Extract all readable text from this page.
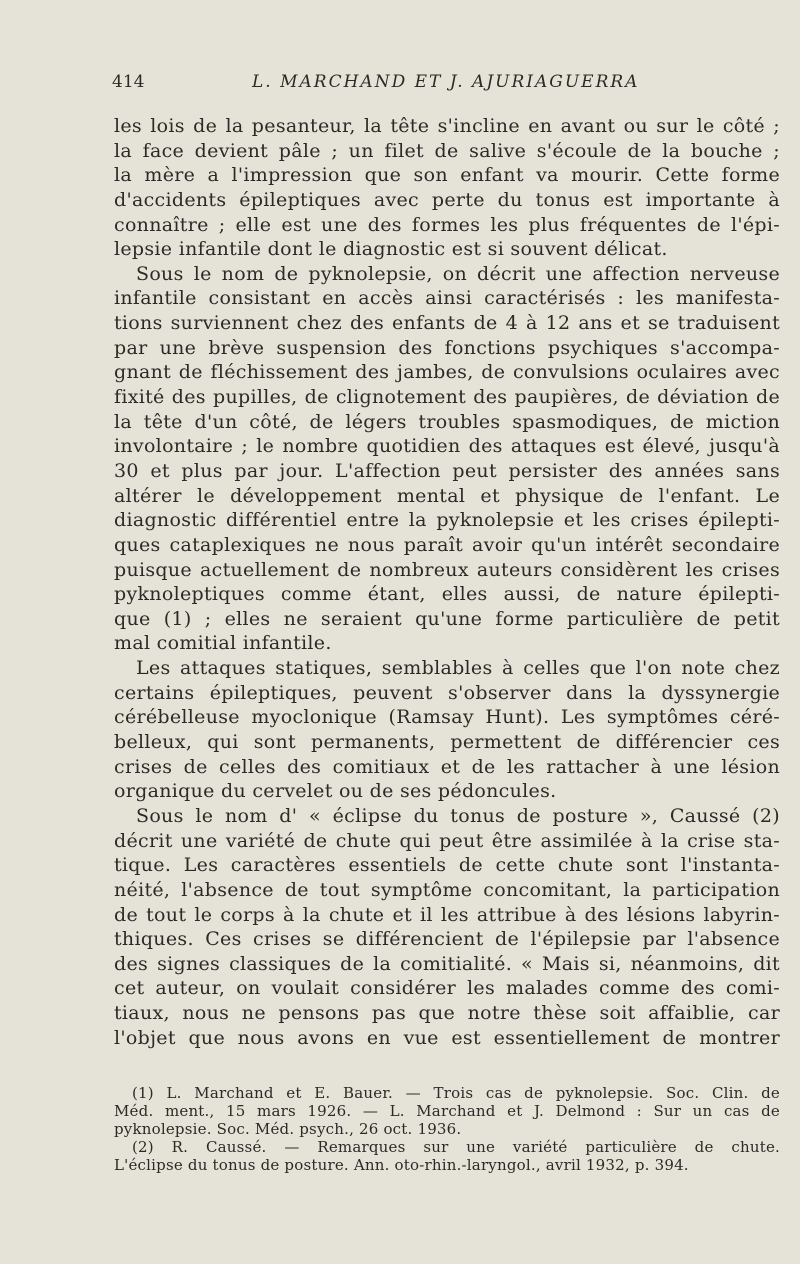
414	L. MARCHAND ET J. AJURIAGUERRA
les lois de la pesanteur, la tête s'incline en avant ou sur le côté ;
la face devient pâle ; un filet de salive s'écoule de la bouche ;
la mère a l'impression que son enfant va mourir. Cette forme
d'accidents épileptiques avec perte du tonus est importante à
connaître ; elle est une des formes les plus fréquentes de l'épi-
lepsie infantile dont le diagnostic est si souvent délicat.
Sous le nom de pyknolepsie, on décrit une affection nerveuse
infantile consistant en accès ainsi caractérisés : les manifesta-
tions surviennent chez des enfants de 4 à 12 ans et se traduisent
par une brève suspension des fonctions psychiques s'accompa-
gnant de fléchissement des jambes, de convulsions oculaires avec
fixité des pupilles, de clignotement des paupières, de déviation de
la tête d'un côté, de légers troubles spasmodiques, de miction
involontaire ; le nombre quotidien des attaques est élevé, jusqu'à
30 et plus par jour. L'affection peut persister des années sans
altérer le développement mental et physique de l'enfant. Le
diagnostic différentiel entre la pyknolepsie et les crises épilepti-
ques cataplexiques ne nous paraît avoir qu'un intérêt secondaire
puisque actuellement de nombreux auteurs considèrent les crises
pyknoleptiques comme étant, elles aussi, de nature épilepti-
que (1) ; elles ne seraient qu'une forme particulière de petit
mal comitial infantile.
Les attaques statiques, semblables à celles que l'on note chez
certains épileptiques, peuvent s'observer dans la dyssynergie
cérébelleuse myoclonique (Ramsay Hunt). Les symptômes céré-
belleux, qui sont permanents, permettent de différencier ces
crises de celles des comitiaux et de les rattacher à une lésion
organique du cervelet ou de ses pédoncules.
Sous le nom d' « éclipse du tonus de posture », Caussé (2)
décrit une variété de chute qui peut être assimilée à la crise sta-
tique. Les caractères essentiels de cette chute sont l'instanta-
néité, l'absence de tout symptôme concomitant, la participation
de tout le corps à la chute et il les attribue à des lésions labyrin-
thiques. Ces crises se différencient de l'épilepsie par l'absence
des signes classiques de la comitialité. « Mais si, néanmoins, dit
cet auteur, on voulait considérer les malades comme des comi-
tiaux, nous ne pensons pas que notre thèse soit affaiblie, car
l'objet que nous avons en vue est essentiellement de montrer
(1) L. Marchand et E. Bauer. — Trois cas de pyknolepsie. Soc. Clin. de
Méd. ment., 15 mars 1926. — L. Marchand et J. Delmond : Sur un cas de
pyknolepsie. Soc. Méd. psych., 26 oct. 1936.
(2) R. Caussé. — Remarques sur une variété particulière de chute.
L'éclipse du tonus de posture. Ann. oto-rhin.-laryngol., avril 1932, p. 394.
